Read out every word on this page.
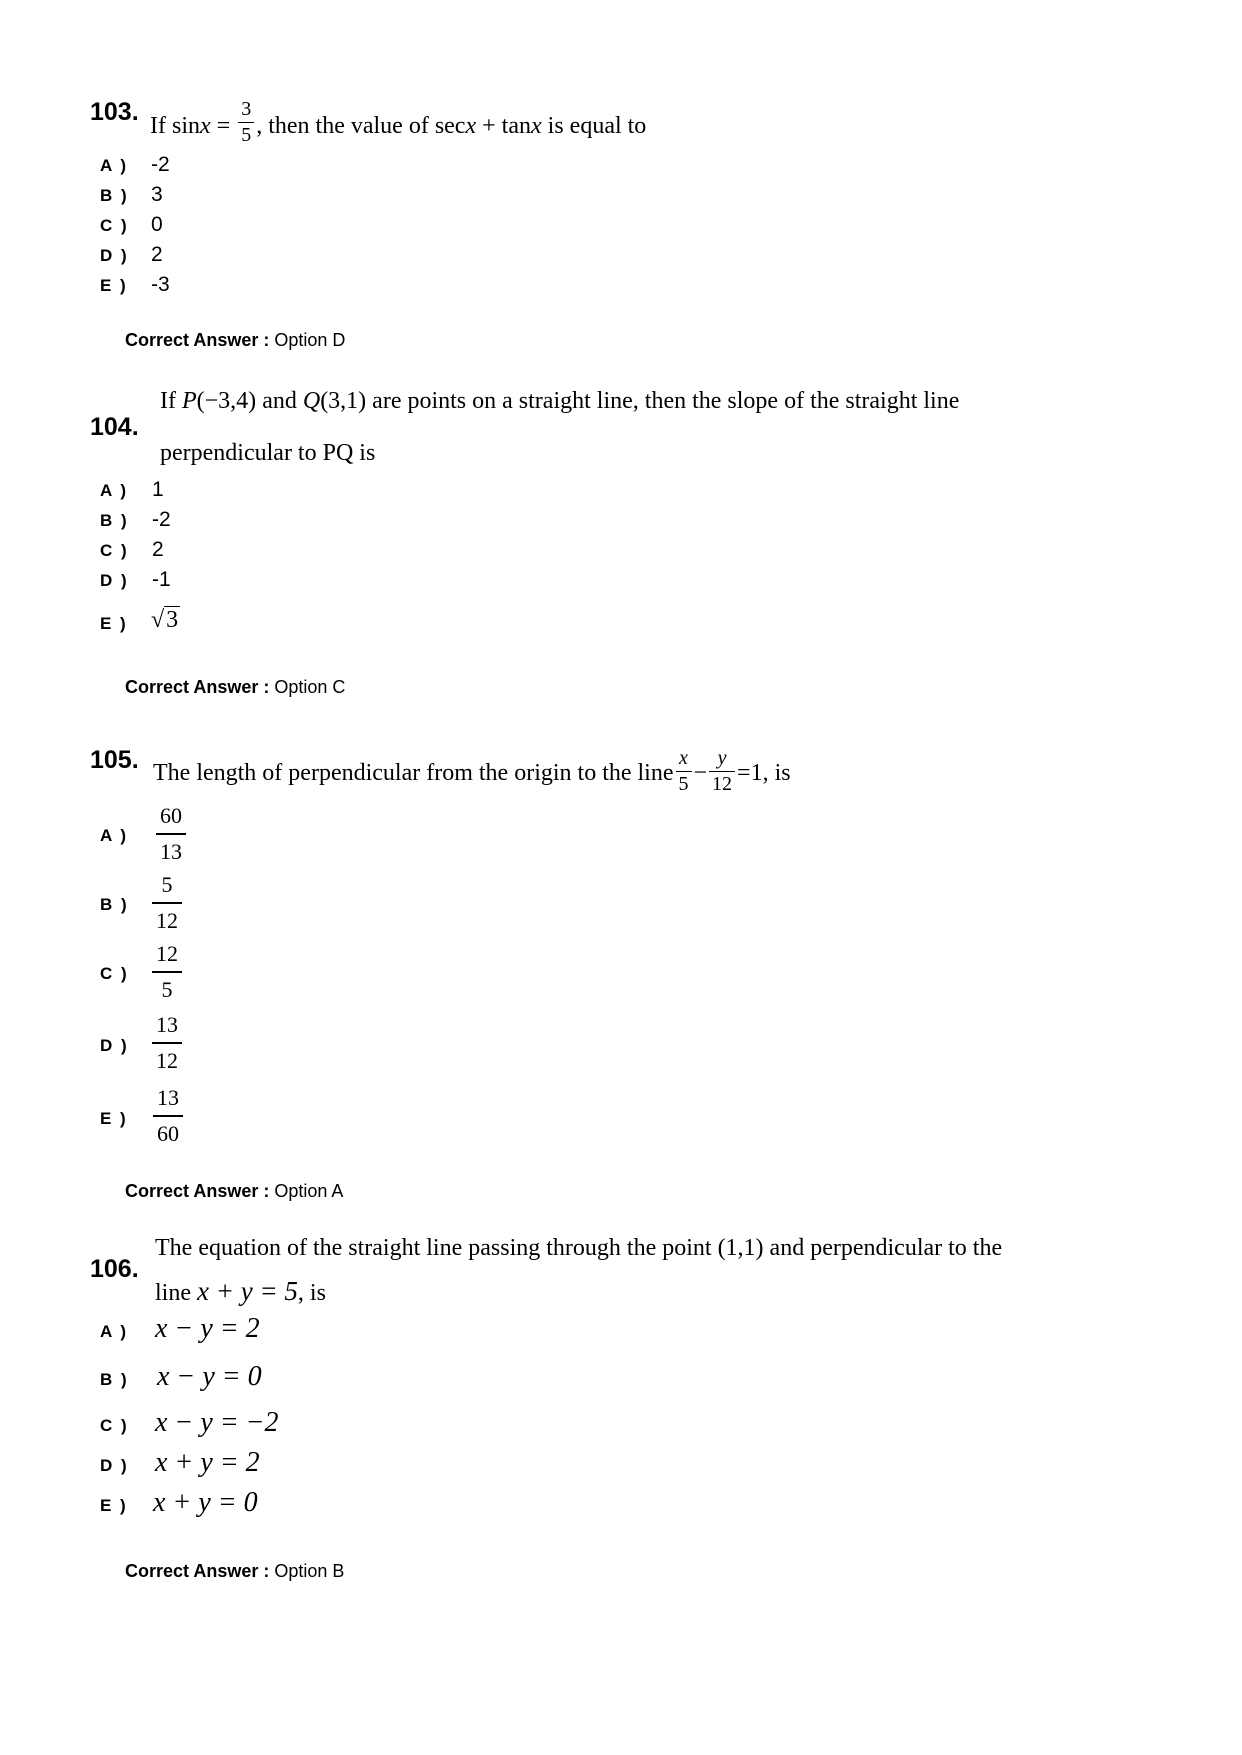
103. If $\sin x = \frac{3}{5}$ , then the value of secx + tanx is equal to
A ) -2
B ) 3
C ) 0
D ) 2
E ) -3
Correct Answer : Option D
104.
If P(−3,4) and Q(3,1) are points on a straight line, then the slope of the straight line
perpendicular to PQ is
A ) 1
B ) -2
C ) 2
D ) -1
E ) √3
Correct Answer : Option C
105. The length of perpendicular from the origin to the line $\frac{x}{5} - \frac{y}{12} =1$, is
A )
60
13
B )
5
12
C )
12
5
D )
13
12
E )
13
60
Correct Answer : Option A
106.
The equation of the straight line passing through the point (1,1) and perpendicular to the
line x + y = 5, is
A ) x − y = 2
B ) x − y = 0
C ) x − y = −2
D ) x + y = 2
E ) x + y = 0
Correct Answer : Option B
